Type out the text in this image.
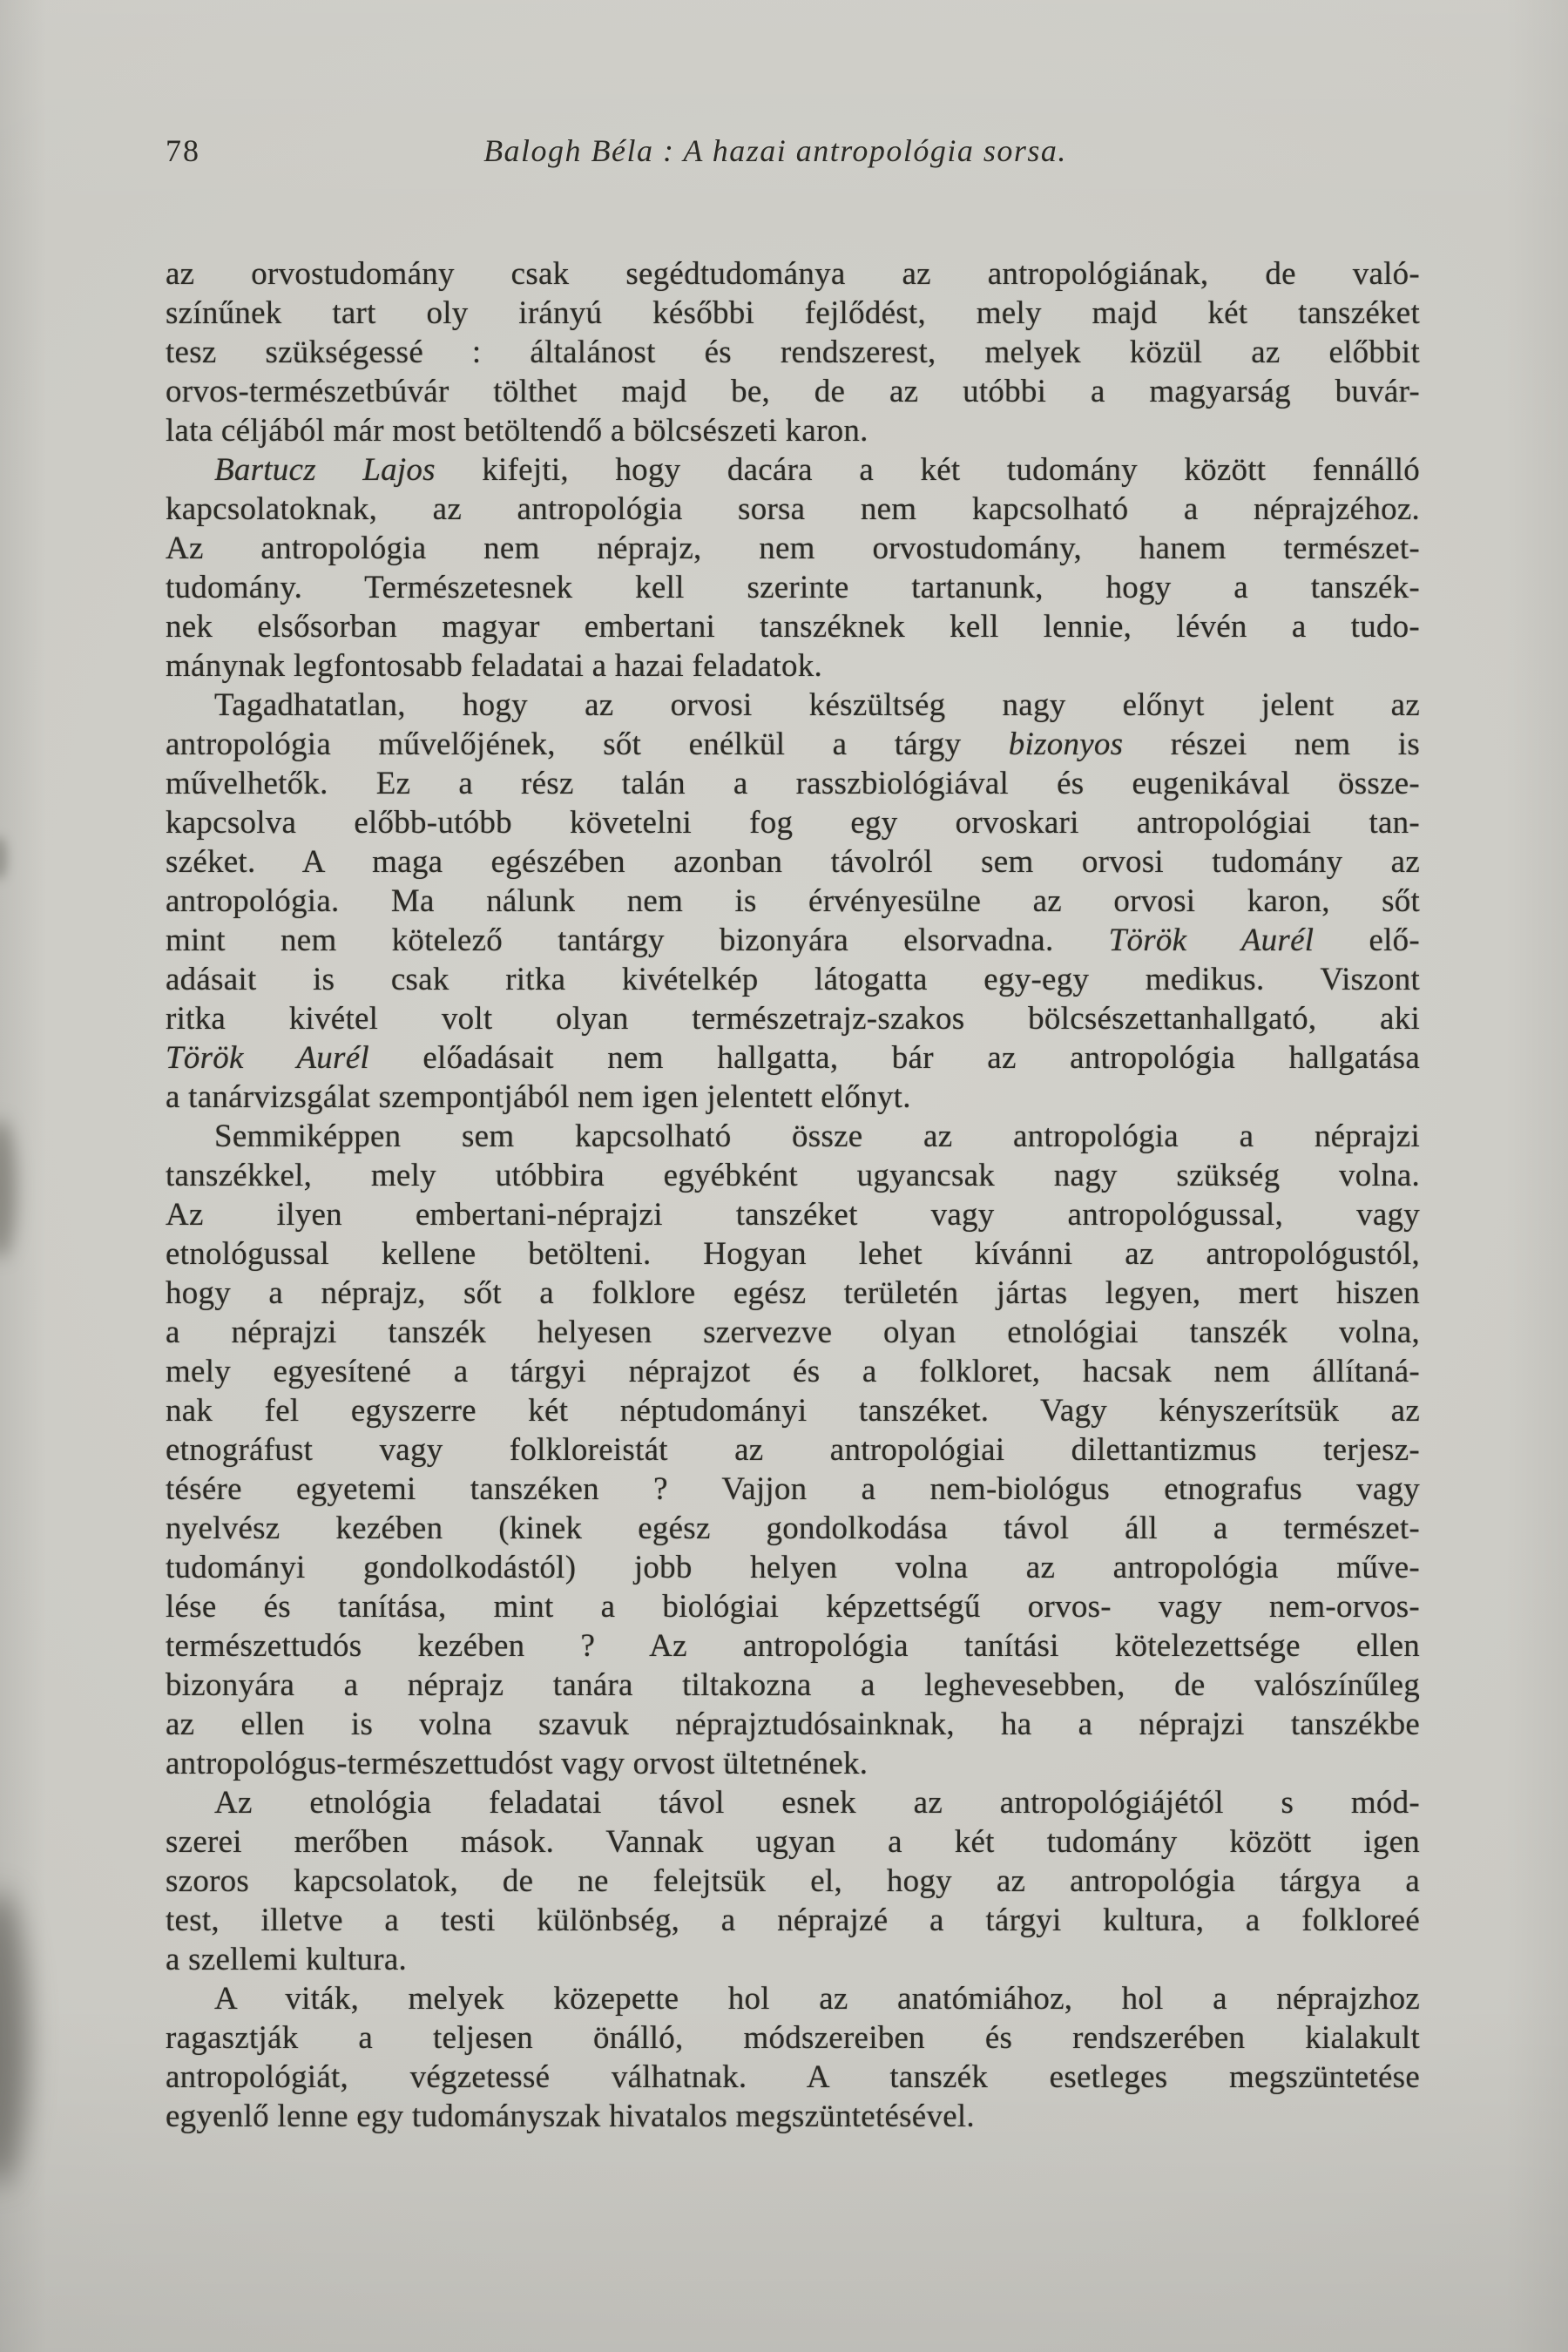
78	Balogh Béla : A hazai antropológia sorsa.
az orvostudomány csak segédtudománya az antropológiának, de való-
színűnek tart oly irányú későbbi fejlődést, mely majd két tanszéket
tesz szükségessé : általánost és rendszerest, melyek közül az előbbit
orvos-természetbúvár tölthet majd be, de az utóbbi a magyarság buvár-
lata céljából már most betöltendő a bölcsészeti karon.
Bartucz Lajos kifejti, hogy dacára a két tudomány között fennálló
kapcsolatoknak, az antropológia sorsa nem kapcsolható a néprajzéhoz.
Az antropológia nem néprajz, nem orvostudomány, hanem természet-
tudomány. Természetesnek kell szerinte tartanunk, hogy a tanszék-
nek elsősorban magyar embertani tanszéknek kell lennie, lévén a tudo-
mánynak legfontosabb feladatai a hazai feladatok.
Tagadhatatlan, hogy az orvosi készültség nagy előnyt jelent az
antropológia művelőjének, sőt enélkül a tárgy bizonyos részei nem is
művelhetők. Ez a rész talán a rasszbiológiával és eugenikával össze-
kapcsolva előbb-utóbb követelni fog egy orvoskari antropológiai tan-
széket. A maga egészében azonban távolról sem orvosi tudomány az
antropológia. Ma nálunk nem is érvényesülne az orvosi karon, sőt
mint nem kötelező tantárgy bizonyára elsorvadna. Török Aurél elő-
adásait is csak ritka kivételkép látogatta egy-egy medikus. Viszont
ritka kivétel volt olyan természetrajz-szakos bölcsészettanhallgató, aki
Török Aurél előadásait nem hallgatta, bár az antropológia hallgatása
a tanárvizsgálat szempontjából nem igen jelentett előnyt.
Semmiképpen sem kapcsolható össze az antropológia a néprajzi
tanszékkel, mely utóbbira egyébként ugyancsak nagy szükség volna.
Az ilyen embertani-néprajzi tanszéket vagy antropológussal, vagy
etnológussal kellene betölteni. Hogyan lehet kívánni az antropológustól,
hogy a néprajz, sőt a folklore egész területén jártas legyen, mert hiszen
a néprajzi tanszék helyesen szervezve olyan etnológiai tanszék volna,
mely egyesítené a tárgyi néprajzot és a folkloret, hacsak nem állítaná-
nak fel egyszerre két néptudományi tanszéket. Vagy kényszerítsük az
etnográfust vagy folkloreistát az antropológiai dilettantizmus terjesz-
tésére egyetemi tanszéken ? Vajjon a nem-biológus etnografus vagy
nyelvész kezében (kinek egész gondolkodása távol áll a természet-
tudományi gondolkodástól) jobb helyen volna az antropológia műve-
lése és tanítása, mint a biológiai képzettségű orvos- vagy nem-orvos-
természettudós kezében ? Az antropológia tanítási kötelezettsége ellen
bizonyára a néprajz tanára tiltakozna a leghevesebben, de valószínűleg
az ellen is volna szavuk néprajztudósainknak, ha a néprajzi tanszékbe
antropológus-természettudóst vagy orvost ültetnének.
Az etnológia feladatai távol esnek az antropológiájétól s mód-
szerei merőben mások. Vannak ugyan a két tudomány között igen
szoros kapcsolatok, de ne felejtsük el, hogy az antropológia tárgya a
test, illetve a testi különbség, a néprajzé a tárgyi kultura, a folkloreé
a szellemi kultura.
A viták, melyek közepette hol az anatómiához, hol a néprajzhoz
ragasztják a teljesen önálló, módszereiben és rendszerében kialakult
antropológiát, végzetessé válhatnak. A tanszék esetleges megszüntetése
egyenlő lenne egy tudományszak hivatalos megszüntetésével.
